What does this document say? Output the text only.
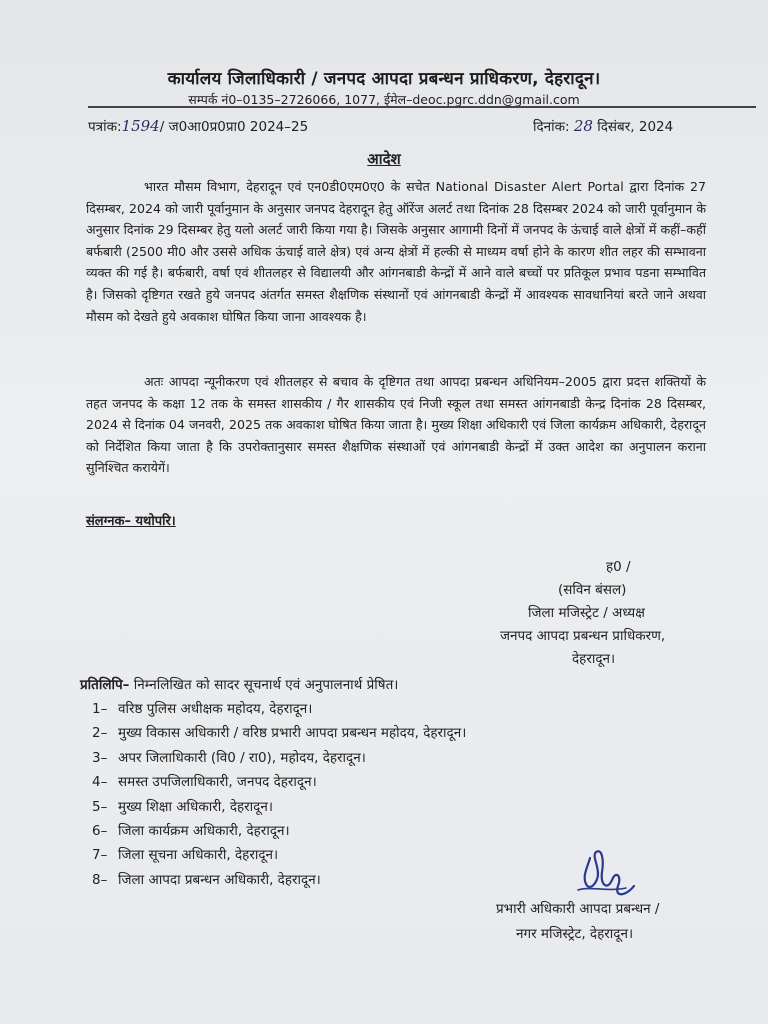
कार्यालय जिलाधिकारी / जनपद आपदा प्रबन्धन प्राधिकरण, देहरादून।
सम्पर्क नं0–0135–2726066, 1077, ईमेल–deoc.pgrc.ddn@gmail.com
पत्रांक:1594/ ज0आ0प्र0प्रा0 2024–25	दिनांक: 28 दिसंबर, 2024
आदेश

भारत मौसम विभाग, देहरादून एवं एन0डी0एम0ए0 के सचेत National Disaster Alert Portal द्वारा दिनांक 27 दिसम्बर, 2024 को जारी पूर्वानुमान के अनुसार जनपद देहरादून हेतु ऑरेंज अलर्ट तथा दिनांक 28 दिसम्बर 2024 को जारी पूर्वानुमान के अनुसार दिनांक 29 दिसम्बर हेतु यलो अलर्ट जारी किया गया है। जिसके अनुसार आगामी दिनों में जनपद के ऊंचाई वाले क्षेत्रों में कहीं–कहीं बर्फबारी (2500 मी0 और उससे अधिक ऊंचाई वाले क्षेत्र) एवं अन्य क्षेत्रों में हल्की से माध्यम वर्षा होने के कारण शीत लहर की सम्भावना व्यक्त की गई है। बर्फबारी, वर्षा एवं शीतलहर से विद्यालयी और आंगनबाडी केन्द्रों में आने वाले बच्चों पर प्रतिकूल प्रभाव पडना सम्भावित है। जिसको दृष्टिगत रखते हुये जनपद अंतर्गत समस्त शैक्षणिक संस्थानों एवं आंगनबाडी केन्द्रों में आवश्यक सावधानियां बरते जाने अथवा मौसम को देखते हुये अवकाश घोषित किया जाना आवश्यक है।

अतः आपदा न्यूनीकरण एवं शीतलहर से बचाव के दृष्टिगत तथा आपदा प्रबन्धन अधिनियम–2005 द्वारा प्रदत्त शक्तियों के तहत जनपद के कक्षा 12 तक के समस्त शासकीय / गैर शासकीय एवं निजी स्कूल तथा समस्त आंगनबाडी केन्द्र दिनांक 28 दिसम्बर, 2024 से दिनांक 04 जनवरी, 2025 तक अवकाश घोषित किया जाता है। मुख्य शिक्षा अधिकारी एवं जिला कार्यक्रम अधिकारी, देहरादून को निर्देशित किया जाता है कि उपरोक्तानुसार समस्त शैक्षणिक संस्थाओं एवं आंगनबाडी केन्द्रों में उक्त आदेश का अनुपालन कराना सुनिश्चित करायेगें।

संलग्नक– यथोपरि।
ह0 /
(सविन बंसल)
जिला मजिस्ट्रेट / अध्यक्ष
जनपद आपदा प्रबन्धन प्राधिकरण,
देहरादून।
प्रतिलिपि– निम्नलिखित को सादर सूचनार्थ एवं अनुपालनार्थ प्रेषित।
1– वरिष्ठ पुलिस अधीक्षक महोदय, देहरादून।
2– मुख्य विकास अधिकारी / वरिष्ठ प्रभारी आपदा प्रबन्धन महोदय, देहरादून।
3– अपर जिलाधिकारी (वि0 / रा0), महोदय, देहरादून।
4– समस्त उपजिलाधिकारी, जनपद देहरादून।
5– मुख्य शिक्षा अधिकारी, देहरादून।
6– जिला कार्यक्रम अधिकारी, देहरादून।
7– जिला सूचना अधिकारी, देहरादून।
8– जिला आपदा प्रबन्धन अधिकारी, देहरादून।
प्रभारी अधिकारी आपदा प्रबन्धन /
नगर मजिस्ट्रेट, देहरादून।
